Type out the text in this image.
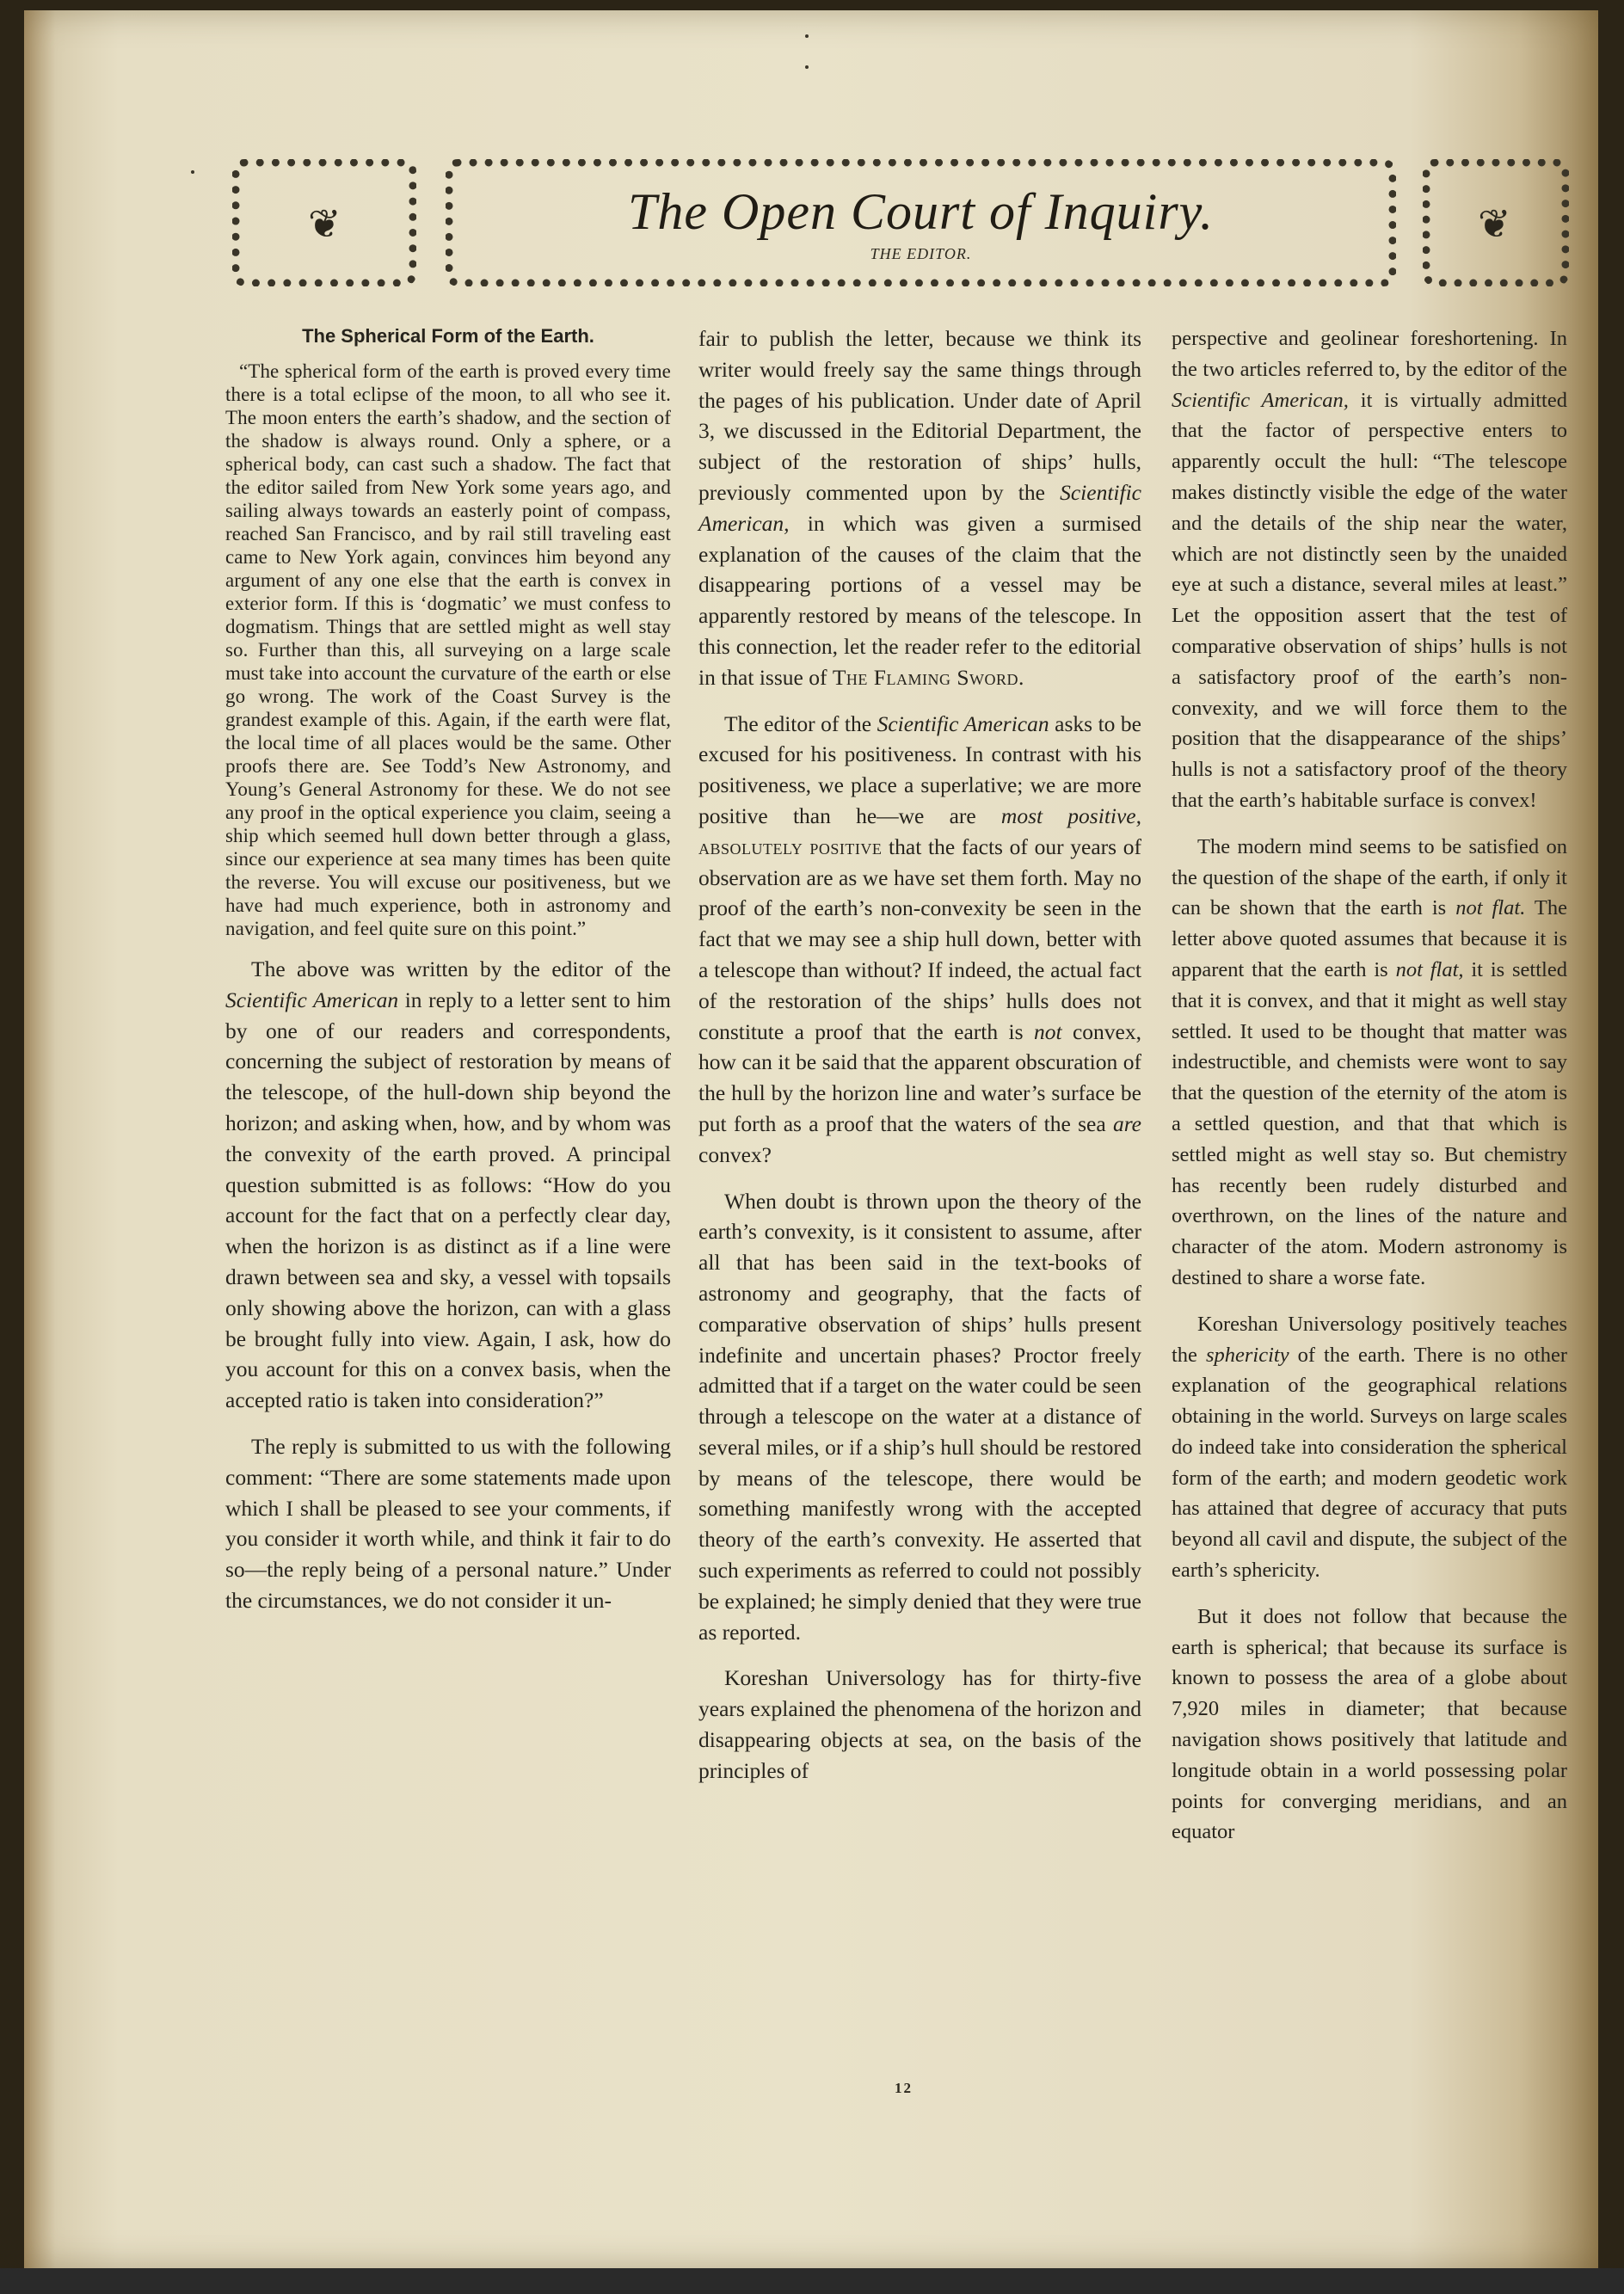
❦	❦
The Open Court of Inquiry.
THE EDITOR.
The Spherical Form of the Earth.

“The spherical form of the earth is proved every time there is a total eclipse of the moon, to all who see it. The moon enters the earth’s shadow, and the section of the shadow is always round. Only a sphere, or a spherical body, can cast such a shadow. The fact that the editor sailed from New York some years ago, and sailing always towards an easterly point of compass, reached San Francisco, and by rail still traveling east came to New York again, convinces him beyond any argument of any one else that the earth is convex in exterior form. If this is ‘dogmatic’ we must confess to dogmatism. Things that are settled might as well stay so. Further than this, all surveying on a large scale must take into account the curvature of the earth or else go wrong. The work of the Coast Survey is the grandest example of this. Again, if the earth were flat, the local time of all places would be the same. Other proofs there are. See Todd’s New Astronomy, and Young’s General Astronomy for these. We do not see any proof in the optical experience you claim, seeing a ship which seemed hull down better through a glass, since our experience at sea many times has been quite the reverse. You will excuse our positiveness, but we have had much experience, both in astronomy and navigation, and feel quite sure on this point.”

The above was written by the editor of the Scientific American in reply to a letter sent to him by one of our readers and correspondents, concerning the subject of restoration by means of the telescope, of the hull-down ship beyond the horizon; and asking when, how, and by whom was the convexity of the earth proved. A principal question submitted is as follows: “How do you account for the fact that on a perfectly clear day, when the horizon is as distinct as if a line were drawn between sea and sky, a vessel with topsails only showing above the horizon, can with a glass be brought fully into view. Again, I ask, how do you account for this on a convex basis, when the accepted ratio is taken into consideration?”

The reply is submitted to us with the following comment: “There are some statements made upon which I shall be pleased to see your comments, if you consider it worth while, and think it fair to do so—the reply being of a personal nature.” Under the circumstances, we do not consider it un-

fair to publish the letter, because we think its writer would freely say the same things through the pages of his publication. Under date of April 3, we discussed in the Editorial Department, the subject of the restoration of ships’ hulls, previously commented upon by the Scientific American, in which was given a surmised explanation of the causes of the claim that the disappearing portions of a vessel may be apparently restored by means of the telescope. In this connection, let the reader refer to the editorial in that issue of The Flaming Sword.

The editor of the Scientific American asks to be excused for his positiveness. In contrast with his positiveness, we place a superlative; we are more positive than he—we are most positive, absolutely positive that the facts of our years of observation are as we have set them forth. May no proof of the earth’s non-convexity be seen in the fact that we may see a ship hull down, better with a telescope than without? If indeed, the actual fact of the restoration of the ships’ hulls does not constitute a proof that the earth is not convex, how can it be said that the apparent obscuration of the hull by the horizon line and water’s surface be put forth as a proof that the waters of the sea are convex?

When doubt is thrown upon the theory of the earth’s convexity, is it consistent to assume, after all that has been said in the text-books of astronomy and geography, that the facts of comparative observation of ships’ hulls present indefinite and uncertain phases? Proctor freely admitted that if a target on the water could be seen through a telescope on the water at a distance of several miles, or if a ship’s hull should be restored by means of the telescope, there would be something manifestly wrong with the accepted theory of the earth’s convexity. He asserted that such experiments as referred to could not possibly be explained; he simply denied that they were true as reported.

Koreshan Universology has for thirty-five years explained the phenomena of the horizon and disappearing objects at sea, on the basis of the principles of

perspective and geolinear foreshortening. In the two articles referred to, by the editor of the Scientific American, it is virtually admitted that the factor of perspective enters to apparently occult the hull: “The telescope makes distinctly visible the edge of the water and the details of the ship near the water, which are not distinctly seen by the unaided eye at such a distance, several miles at least.” Let the opposition assert that the test of comparative observation of ships’ hulls is not a satisfactory proof of the earth’s non-convexity, and we will force them to the position that the disappearance of the ships’ hulls is not a satisfactory proof of the theory that the earth’s habitable surface is convex!

The modern mind seems to be satisfied on the question of the shape of the earth, if only it can be shown that the earth is not flat. The letter above quoted assumes that because it is apparent that the earth is not flat, it is settled that it is convex, and that it might as well stay settled. It used to be thought that matter was indestructible, and chemists were wont to say that the question of the eternity of the atom is a settled question, and that that which is settled might as well stay so. But chemistry has recently been rudely disturbed and overthrown, on the lines of the nature and character of the atom. Modern astronomy is destined to share a worse fate.

Koreshan Universology positively teaches the sphericity of the earth. There is no other explanation of the geographical relations obtaining in the world. Surveys on large scales do indeed take into consideration the spherical form of the earth; and modern geodetic work has attained that degree of accuracy that puts beyond all cavil and dispute, the subject of the earth’s sphericity.

But it does not follow that because the earth is spherical; that because its surface is known to possess the area of a globe about 7,920 miles in diameter; that because navigation shows positively that latitude and longitude obtain in a world possessing polar points for converging meridians, and an equator

12
